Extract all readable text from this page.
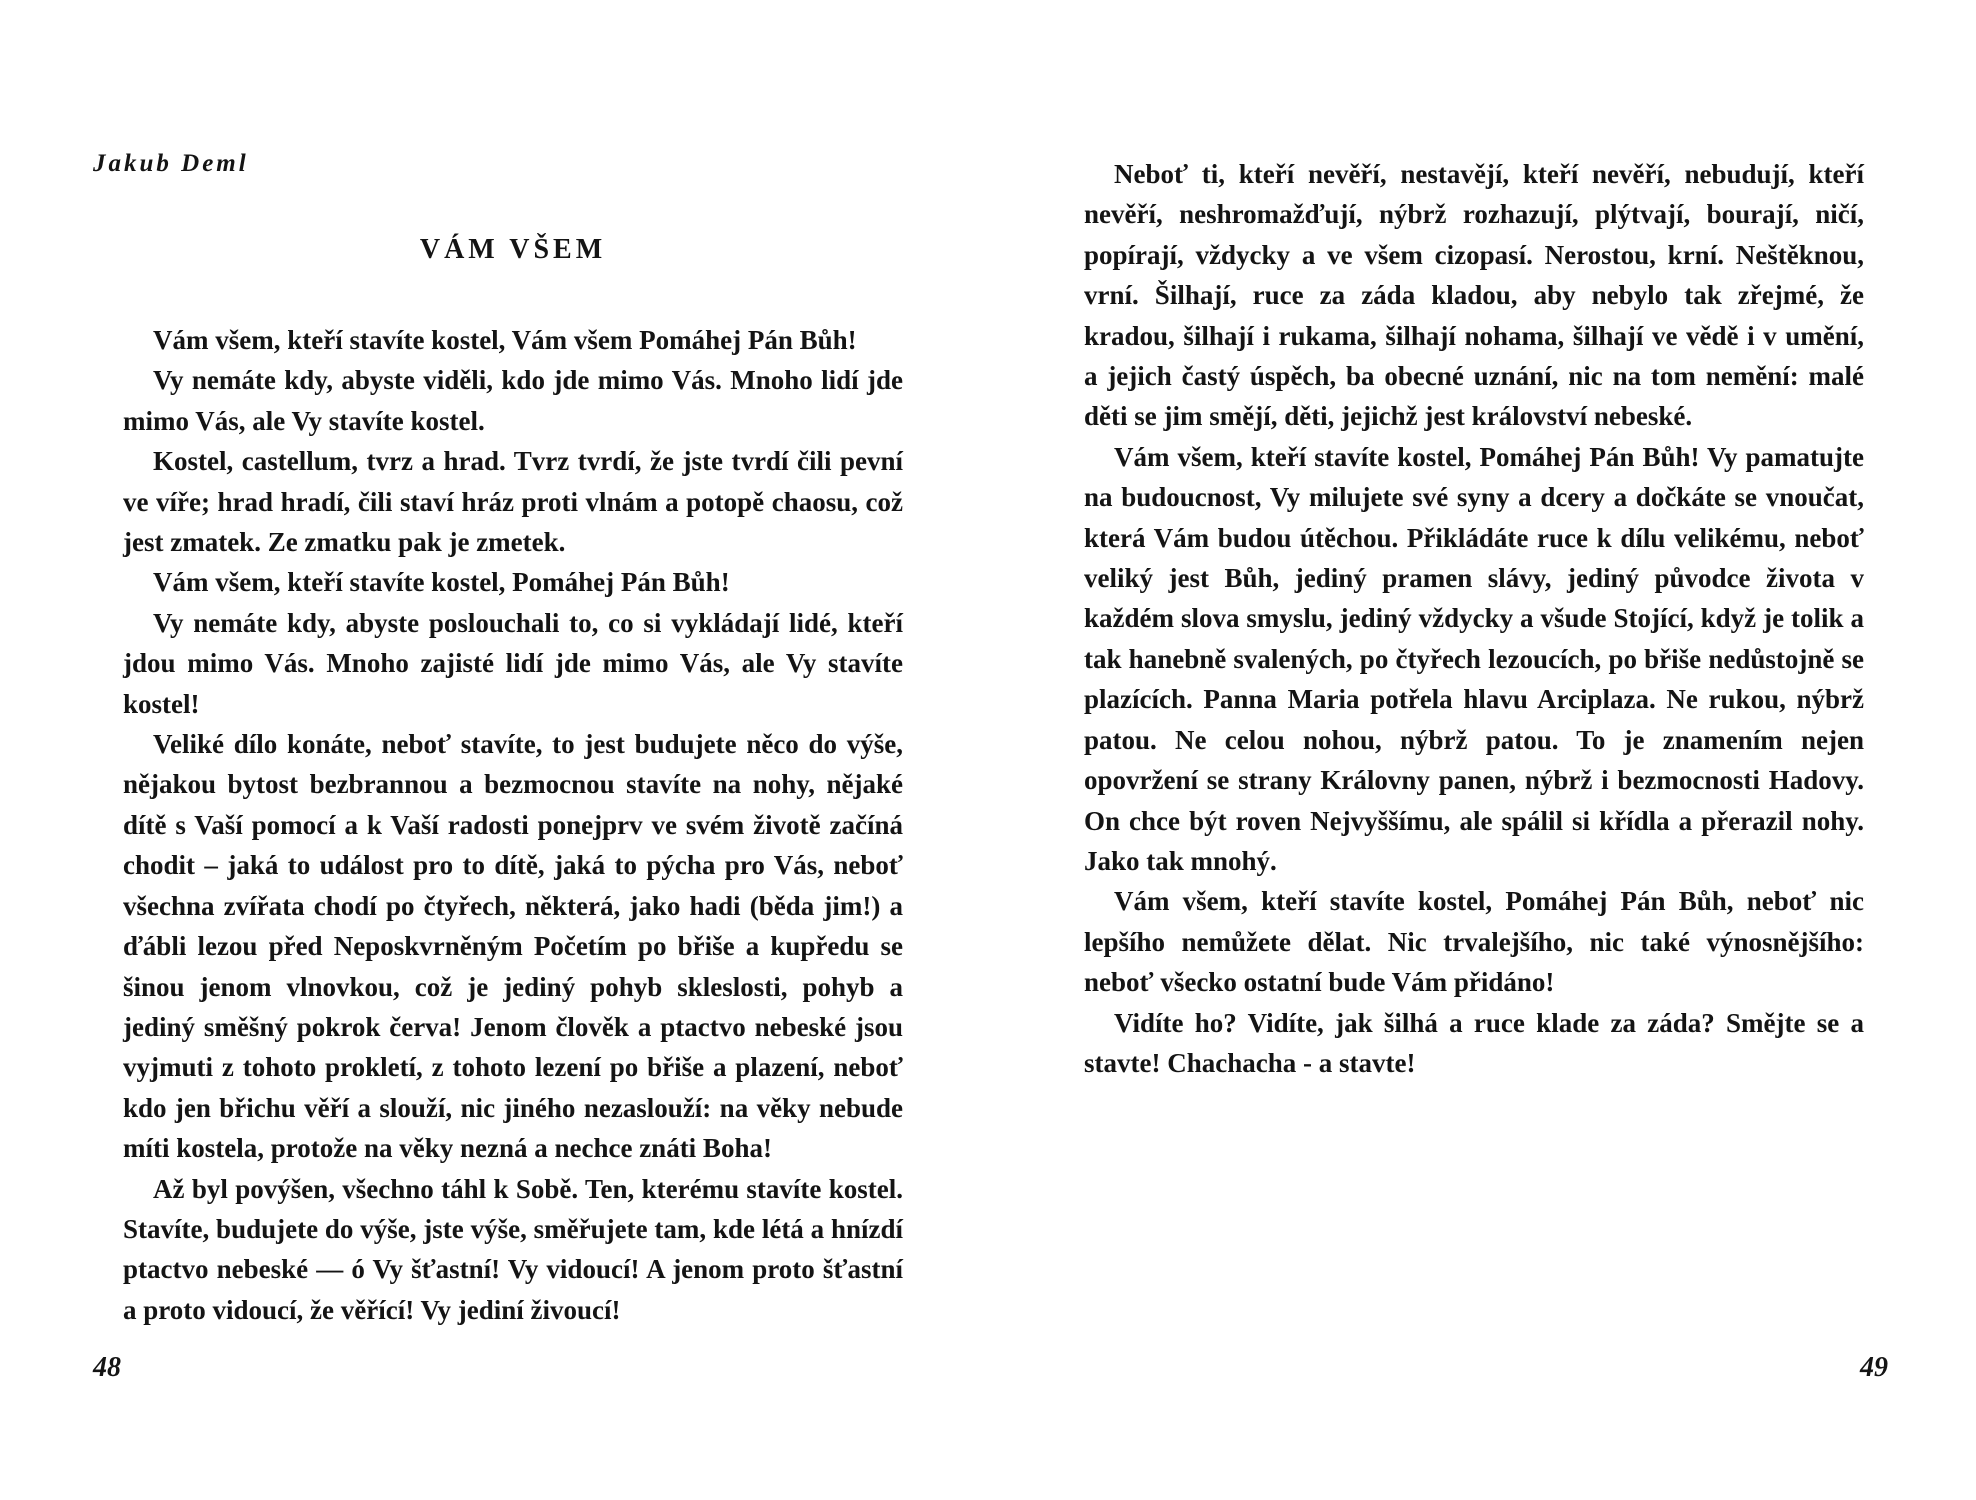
Jakub Deml
VÁM VŠEM

Vám všem, kteří stavíte kostel, Vám všem Pomáhej Pán Bůh!

Vy nemáte kdy, abyste viděli, kdo jde mimo Vás. Mnoho lidí jde mimo Vás, ale Vy stavíte kostel.

Kostel, castellum, tvrz a hrad. Tvrz tvrdí, že jste tvrdí čili pevní ve víře; hrad hradí, čili staví hráz proti vlnám a potopě chaosu, což jest zmatek. Ze zmatku pak je zmetek.

Vám všem, kteří stavíte kostel, Pomáhej Pán Bůh!

Vy nemáte kdy, abyste poslouchali to, co si vykládají lidé, kteří jdou mimo Vás. Mnoho zajisté lidí jde mimo Vás, ale Vy stavíte kostel!

Veliké dílo konáte, neboť stavíte, to jest budujete něco do výše, nějakou bytost bezbrannou a bezmocnou stavíte na nohy, nějaké dítě s Vaší pomocí a k Vaší radosti ponejprv ve svém životě začíná chodit – jaká to událost pro to dítě, jaká to pýcha pro Vás, neboť všechna zvířata chodí po čtyřech, některá, jako hadi (běda jim!) a ďábli lezou před Neposkvrněným Početím po břiše a kupředu se šinou jenom vlnovkou, což je jediný pohyb skleslosti, pohyb a jediný směšný pokrok červa! Jenom člověk a ptactvo nebeské jsou vyjmuti z tohoto prokletí, z tohoto lezení po břiše a plazení, neboť kdo jen břichu věří a slouží, nic jiného nezaslouží: na věky nebude míti kostela, protože na věky nezná a nechce znáti Boha!

Až byl povýšen, všechno táhl k Sobě. Ten, kterému stavíte kostel. Stavíte, budujete do výše, jste výše, směřujete tam, kde létá a hnízdí ptactvo nebeské — ó Vy šťastní! Vy vidoucí! A jenom proto šťastní a proto vidoucí, že věřící! Vy jediní živoucí!

48

Neboť ti, kteří nevěří, nestavějí, kteří nevěří, nebudují, kteří nevěří, neshromažďují, nýbrž rozhazují, plýtvají, bourají, ničí, popírají, vždycky a ve všem cizopasí. Nerostou, krní. Neštěknou, vrní. Šilhají, ruce za záda kladou, aby nebylo tak zřejmé, že kradou, šilhají i rukama, šilhají nohama, šilhají ve vědě i v umění, a jejich častý úspěch, ba obecné uznání, nic na tom nemění: malé děti se jim smějí, děti, jejichž jest království nebeské.

Vám všem, kteří stavíte kostel, Pomáhej Pán Bůh! Vy pamatujte na budoucnost, Vy milujete své syny a dcery a dočkáte se vnoučat, která Vám budou útěchou. Přikládáte ruce k dílu velikému, neboť veliký jest Bůh, jediný pramen slávy, jediný původce života v každém slova smyslu, jediný vždycky a všude Stojící, když je tolik a tak hanebně svalených, po čtyřech lezoucích, po břiše nedůstojně se plazících. Panna Maria potřela hlavu Arciplaza. Ne rukou, nýbrž patou. Ne celou nohou, nýbrž patou. To je znamením nejen opovržení se strany Královny panen, nýbrž i bezmocnosti Hadovy. On chce být roven Nejvyššímu, ale spálil si křídla a přerazil nohy. Jako tak mnohý.

Vám všem, kteří stavíte kostel, Pomáhej Pán Bůh, neboť nic lepšího nemůžete dělat. Nic trvalejšího, nic také výnosnějšího: neboť všecko ostatní bude Vám přidáno!

Vidíte ho? Vidíte, jak šilhá a ruce klade za záda? Smějte se a stavte! Chachacha - a stavte!

49
